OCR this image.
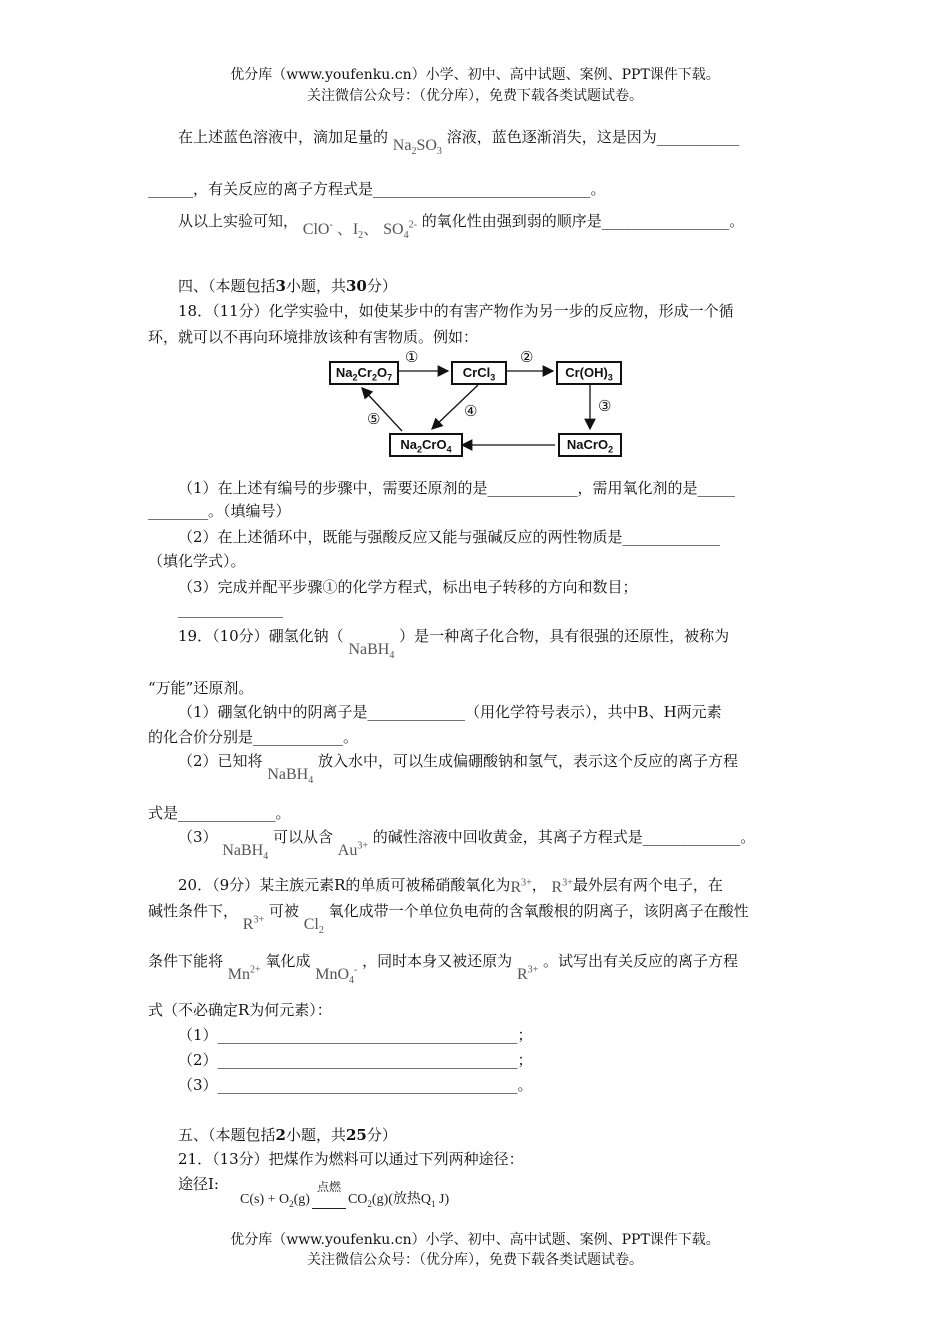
优分库（www.youfenku.cn）小学、初中、高中试题、案例、PPT课件下载。
关注微信公众号：（优分库），免费下载各类试题试卷。
在上述蓝色溶液中，滴加足量的 $Na_2SO_3$ 溶液，蓝色逐渐消失，这是因为___________
______，有关反应的离子方程式是_____________________________。
从以上实验可知， ClO- 、$I_2$、 $SO_4^{2-}$ 的氧化性由强到弱的顺序是_________________。
四、（本题包括3小题，共30分）
18．（11分）化学实验中，如使某步中的有害产物作为另一步的反应物，形成一个循
环，就可以不再向环境排放该种有害物质。例如：
$Na_2Cr_2O_7$	CrCl$_3$	$Cr(OH)_3$
NaCrO$_2$
$Na_2CrO_4$
①	②
③
④
⑤
（1）在上述有编号的步骤中，需要还原剂的是____________，需用氧化剂的是_____
________。（填编号）
（2）在上述循环中，既能与强酸反应又能与强碱反应的两性物质是_____________
（填化学式）。
（3）完成并配平步骤①的化学方程式，标出电子转移的方向和数目；
______________
19．（10分）硼氢化钠（ NaBH$_4$ ）是一种离子化合物，具有很强的还原性，被称为
“万能”还原剂。
（1）硼氢化钠中的阴离子是_____________（用化学符号表示），共中B、H两元素
的化合价分别是____________。
（2）已知将 NaBH$_4$ 放入水中，可以生成偏硼酸钠和氢气，表示这个反应的离子方程
式是_____________。
（3） NaBH$_4$ 可以从含 $Au^{3+}$ 的碱性溶液中回收黄金，其离子方程式是_____________。
20．（9分）某主族元素R的单质可被稀硝酸氧化为$R^{3+}$， $R^{3+}$最外层有两个电子，在
碱性条件下， $R^{3+}$ 可被 $Cl_2$ 氧化成带一个单位负电荷的含氧酸根的阴离子，该阴离子在酸性
条件下能将 $Mn^{2+}$ 氧化成 MnO$_4$- ，同时本身又被还原为 $R^{3+}$ 。试写出有关反应的离子方程
式（不必确定R为何元素）：
（1）________________________________________；
（2）________________________________________；
（3）________________________________________。
五、（本题包括2小题，共25分）
21．（13分）把煤作为燃料可以通过下列两种途径：
途径I:
$C(s) + O_2(g)$
点燃
$CO_2(g)$(放热$Q_1$ J)
优分库（www.youfenku.cn）小学、初中、高中试题、案例、PPT课件下载。
关注微信公众号：（优分库），免费下载各类试题试卷。
